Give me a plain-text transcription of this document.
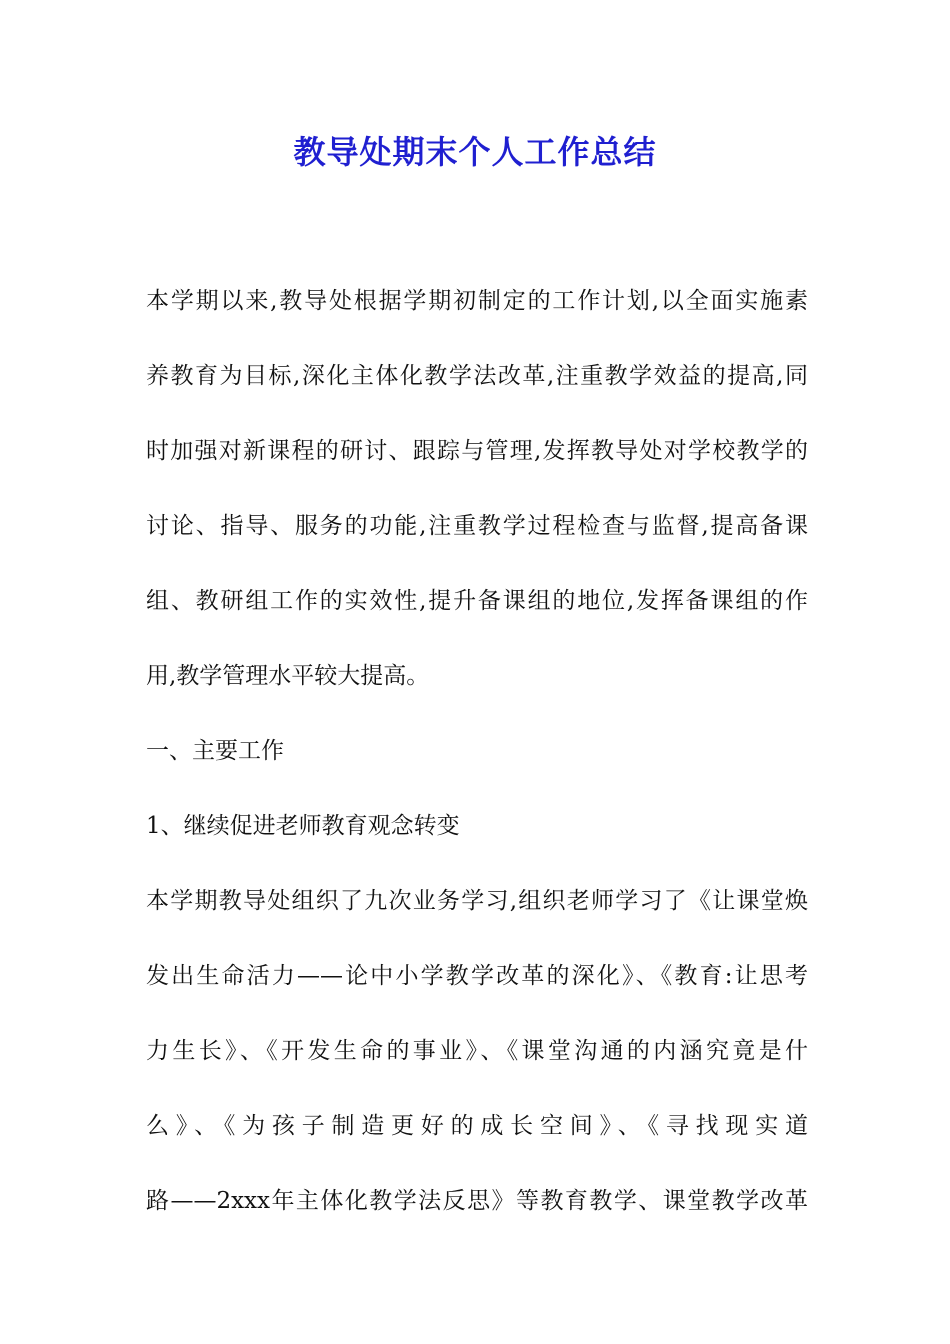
教导处期末个人工作总结
本学期以来,教导处根据学期初制定的工作计划,以全面实施素
养教育为目标,深化主体化教学法改革,注重教学效益的提高,同
时加强对新课程的研讨、跟踪与管理,发挥教导处对学校教学的
讨论、指导、服务的功能,注重教学过程检查与监督,提高备课
组、教研组工作的实效性,提升备课组的地位,发挥备课组的作
用,教学管理水平较大提高。
一、主要工作
1、继续促进老师教育观念转变
本学期教导处组织了九次业务学习,组织老师学习了《让课堂焕
发出生命活力——论中小学教学改革的深化》、《教育:让思考
力生长》、《开发生命的事业》、《课堂沟通的内涵究竟是什
么》、《为孩子制造更好的成长空间》、《寻找现实道
路——2xxx年主体化教学法反思》等教育教学、课堂教学改革
